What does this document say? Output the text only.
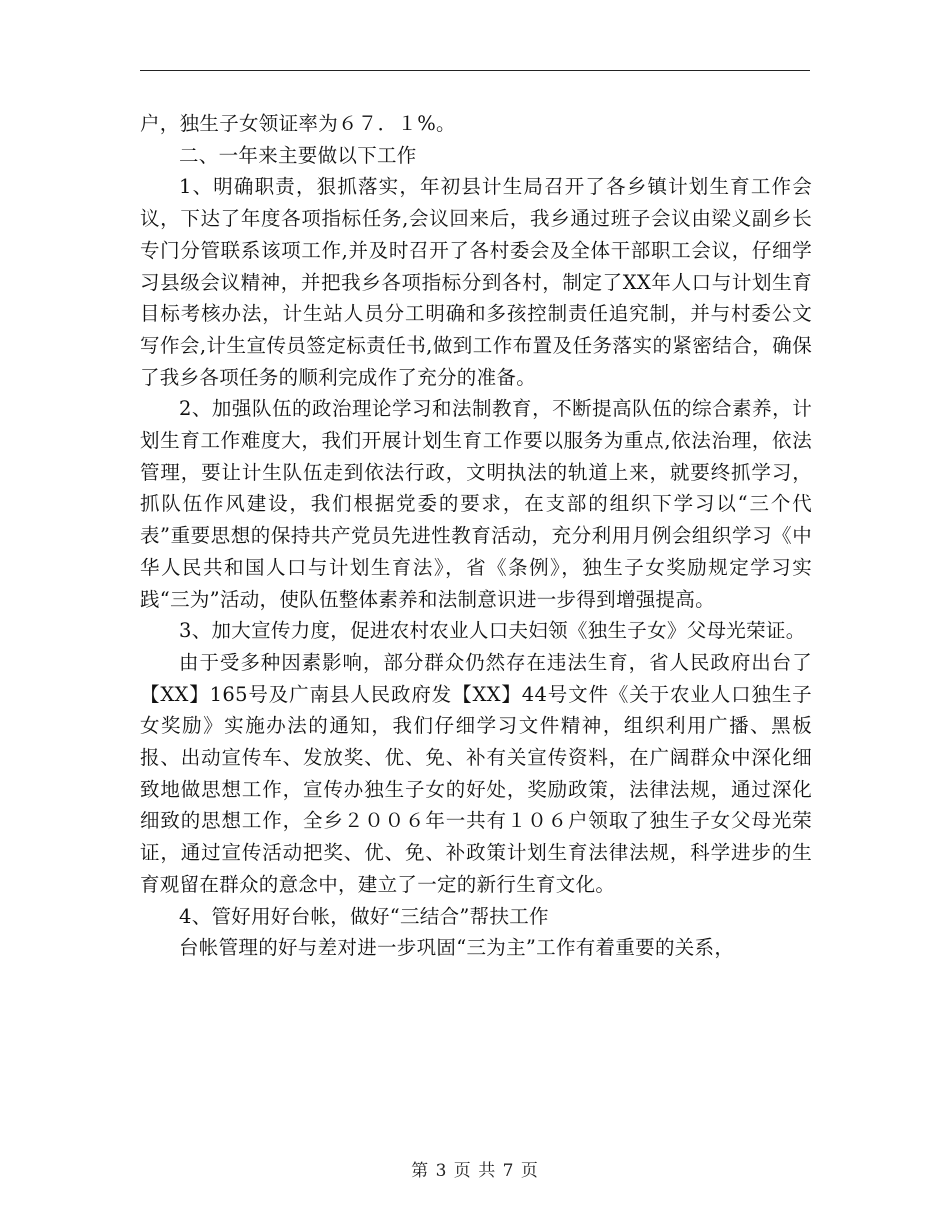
户，独生子女领证率为６７．１%。

二、一年来主要做以下工作

1、明确职责，狠抓落实，年初县计生局召开了各乡镇计划生育工作会议，下达了年度各项指标任务,会议回来后，我乡通过班子会议由梁义副乡长专门分管联系该项工作,并及时召开了各村委会及全体干部职工会议，仔细学习县级会议精神，并把我乡各项指标分到各村，制定了XX年人口与计划生育目标考核办法，计生站人员分工明确和多孩控制责任追究制，并与村委公文写作会,计生宣传员签定标责任书,做到工作布置及任务落实的紧密结合，确保了我乡各项任务的顺利完成作了充分的准备。

2、加强队伍的政治理论学习和法制教育，不断提高队伍的综合素养，计划生育工作难度大，我们开展计划生育工作要以服务为重点,依法治理，依法管理，要让计生队伍走到依法行政，文明执法的轨道上来，就要终抓学习，抓队伍作风建设，我们根据党委的要求，在支部的组织下学习以“三个代表”重要思想的保持共产党员先进性教育活动，充分利用月例会组织学习《中华人民共和国人口与计划生育法》，省《条例》，独生子女奖励规定学习实践“三为”活动，使队伍整体素养和法制意识进一步得到增强提高。

3、加大宣传力度，促进农村农业人口夫妇领《独生子女》父母光荣证。

由于受多种因素影响，部分群众仍然存在违法生育，省人民政府出台了【XX】165号及广南县人民政府发【XX】44号文件《关于农业人口独生子女奖励》实施办法的通知，我们仔细学习文件精神，组织利用广播、黑板报、出动宣传车、发放奖、优、免、补有关宣传资料，在广阔群众中深化细致地做思想工作，宣传办独生子女的好处，奖励政策，法律法规，通过深化细致的思想工作，全乡２００６年一共有１０６户领取了独生子女父母光荣证，通过宣传活动把奖、优、免、补政策计划生育法律法规，科学进步的生育观留在群众的意念中，建立了一定的新行生育文化。

4、管好用好台帐，做好“三结合”帮扶工作

台帐管理的好与差对进一步巩固“三为主”工作有着重要的关系，

第 3 页 共 7 页
